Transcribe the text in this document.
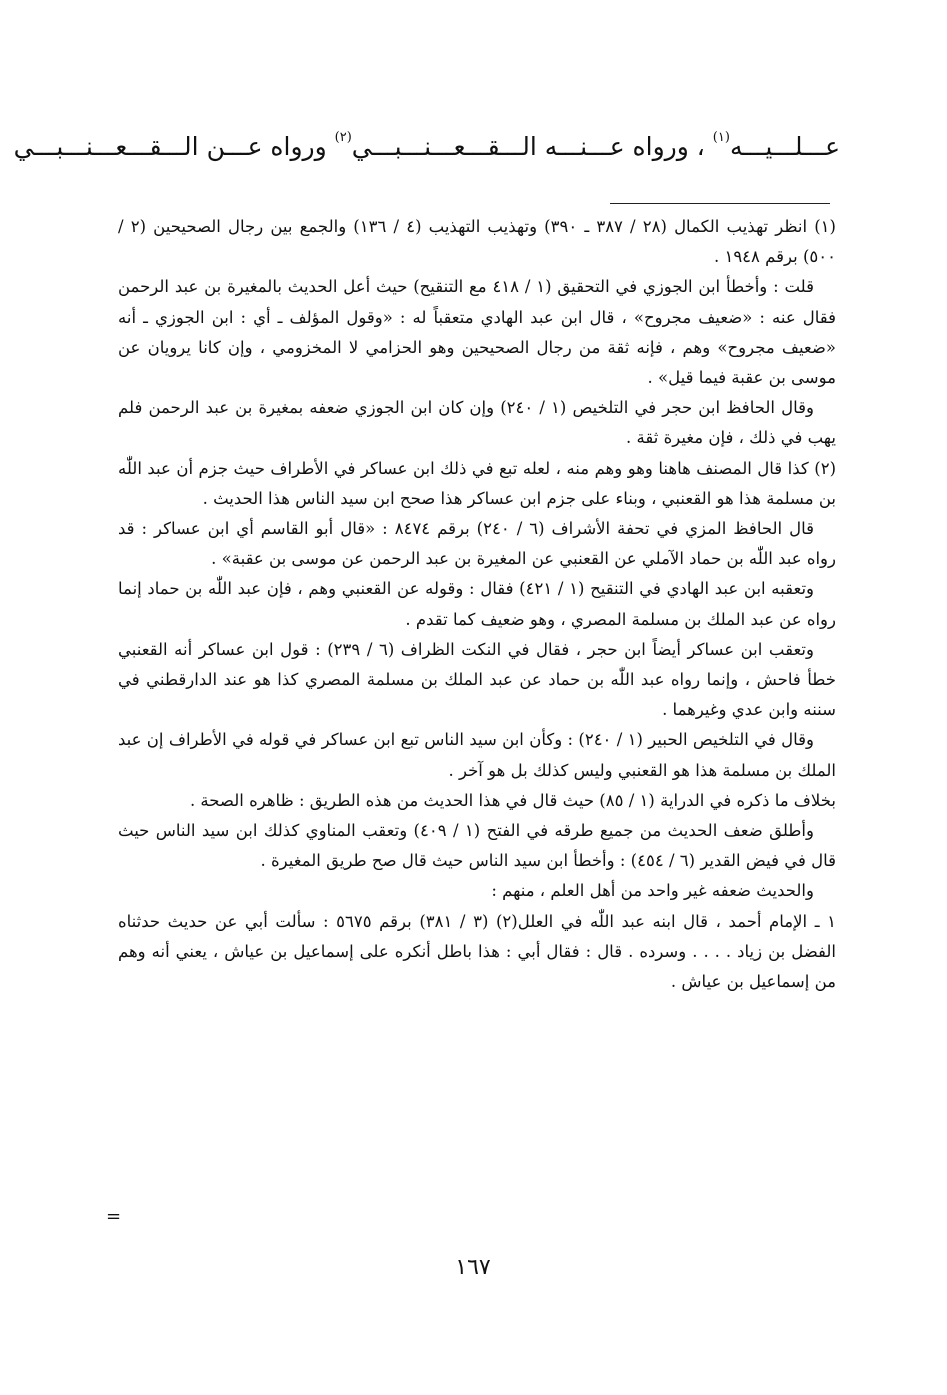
عـــلـــيـــه$^{(١)}$ ، ورواه عـــنـــه الـــقـــعـــنـــبـــي$^{(٢)}$ ورواه عـــن الـــقـــعـــنـــبـــي

(١) انظر تهذيب الكمال (٢٨ / ٣٨٧ ـ ٣٩٠) وتهذيب التهذيب (٤ / ١٣٦) والجمع بين رجال الصحيحين (٢ / ٥٠٠) برقم ١٩٤٨ .

قلت : وأخطأ ابن الجوزي في التحقيق (١ / ٤١٨ مع التنقيح) حيث أعل الحديث بالمغيرة بن عبد الرحمن فقال عنه : «ضعيف مجروح» ، قال ابن عبد الهادي متعقباً له : «وقول المؤلف ـ أي : ابن الجوزي ـ أنه «ضعيف مجروح» وهم ، فإنه ثقة من رجال الصحيحين وهو الحزامي لا المخزومي ، وإن كانا يرويان عن موسى بن عقبة فيما قيل» .

وقال الحافظ ابن حجر في التلخيص (١ / ٢٤٠) وإن كان ابن الجوزي ضعفه بمغيرة بن عبد الرحمن فلم يهب في ذلك ، فإن مغيرة ثقة .

(٢) كذا قال المصنف هاهنا وهو وهم منه ، لعله تبع في ذلك ابن عساكر في الأطراف حيث جزم أن عبد اللّٰه بن مسلمة هذا هو القعنبي ، وبناء على جزم ابن عساكر هذا صحح ابن سيد الناس هذا الحديث .

قال الحافظ المزي في تحفة الأشراف (٦ / ٢٤٠) برقم ٨٤٧٤ : «قال أبو القاسم أي ابن عساكر : قد رواه عبد اللّٰه بن حماد الآملي عن القعنبي عن المغيرة بن عبد الرحمن عن موسى بن عقبة» .

وتعقبه ابن عبد الهادي في التنقيح (١ / ٤٢١) فقال : وقوله عن القعنبي وهم ، فإن عبد اللّٰه بن حماد إنما رواه عن عبد الملك بن مسلمة المصري ، وهو ضعيف كما تقدم .

وتعقب ابن عساكر أيضاً ابن حجر ، فقال في النكت الظراف (٦ / ٢٣٩) : قول ابن عساكر أنه القعنبي خطأ فاحش ، وإنما رواه عبد اللّٰه بن حماد عن عبد الملك بن مسلمة المصري كذا هو عند الدارقطني في سننه وابن عدي وغيرهما .

وقال في التلخيص الحبير (١ / ٢٤٠) : وكأن ابن سيد الناس تبع ابن عساكر في قوله في الأطراف إن عبد الملك بن مسلمة هذا هو القعنبي وليس كذلك بل هو آخر .

بخلاف ما ذكره في الدراية (١ / ٨٥) حيث قال في هذا الحديث من هذه الطريق : ظاهره الصحة .

وأطلق ضعف الحديث من جميع طرقه في الفتح (١ / ٤٠٩) وتعقب المناوي كذلك ابن سيد الناس حيث قال في فيض القدير (٦ / ٤٥٤) : وأخطأ ابن سيد الناس حيث قال صح طريق المغيرة .

والحديث ضعفه غير واحد من أهل العلم ، منهم :

١ ـ الإمام أحمد ، قال ابنه عبد اللّٰه في العلل(٢) (٣ / ٣٨١) برقم ٥٦٧٥ : سألت أبي عن حديث حدثناه الفضل بن زياد . . . . وسرده . قال : فقال أبي : هذا باطل أنكره على إسماعيل بن عياش ، يعني أنه وهم من إسماعيل بن عياش .

=
١٦٧
